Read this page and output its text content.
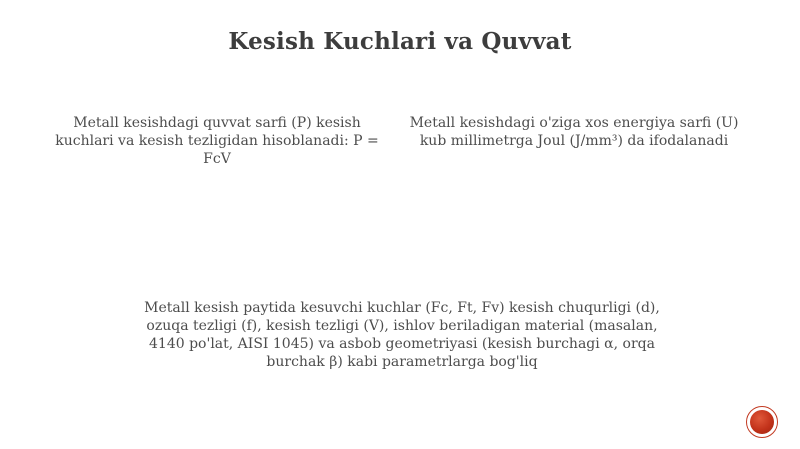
Kesish Kuchlari va Quvvat
Metall kesishdagi quvvat sarfi (P) kesish kuchlari va kesish tezligidan hisoblanadi: P = FcV
Metall kesishdagi o'ziga xos energiya sarfi (U) kub millimetrga Joul (J/mm³) da ifodalanadi
Metall kesish paytida kesuvchi kuchlar (Fc, Ft, Fv) kesish chuqurligi (d), ozuqa tezligi (f), kesish tezligi (V), ishlov beriladigan material (masalan, 4140 po'lat, AISI 1045) va asbob geometriyasi (kesish burchagi α, orqa burchak β) kabi parametrlarga bog'liq
